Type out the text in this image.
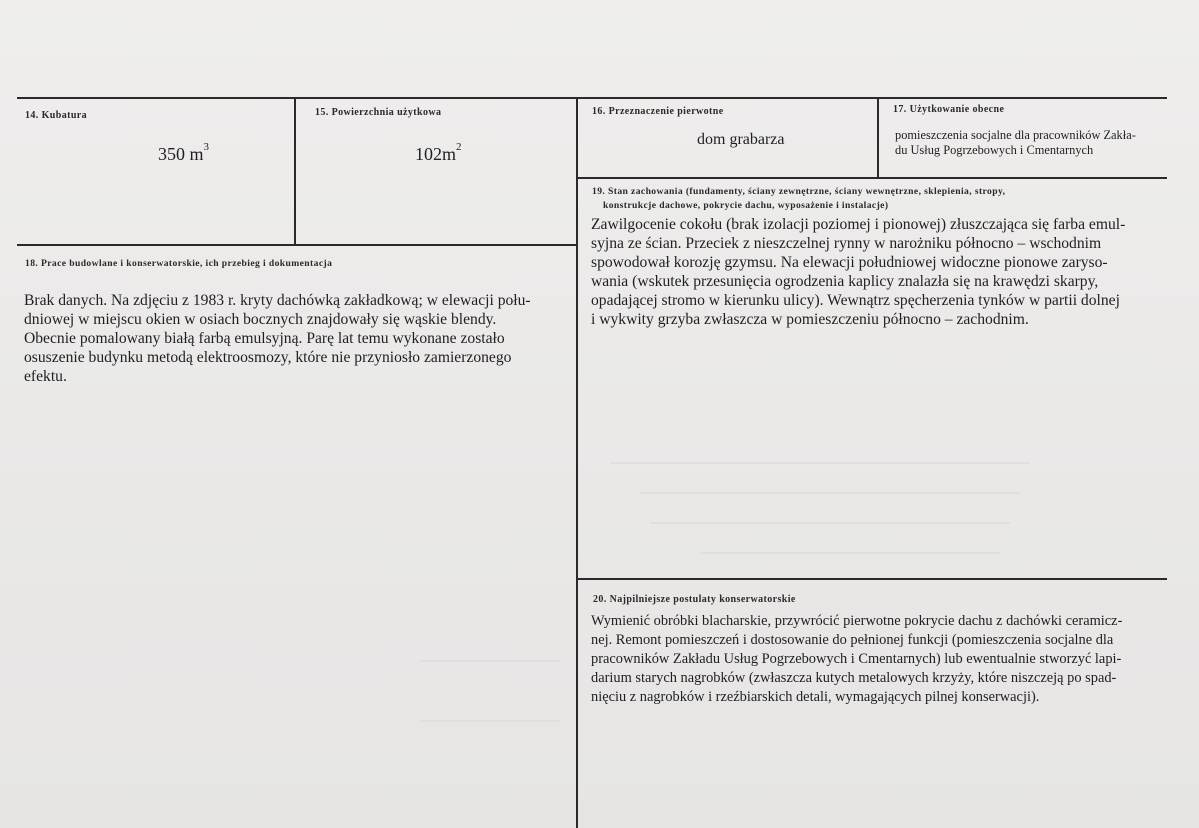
14. Kubatura
350 $m^3$
15. Powierzchnia użytkowa
$102m^2$
16. Przeznaczenie pierwotne
dom grabarza
17. Użytkowanie obecne
pomieszczenia socjalne dla pracowników Zakła-
du Usług Pogrzebowych i Cmentarnych
19. Stan zachowania (fundamenty, ściany zewnętrzne, ściany wewnętrzne, sklepienia, stropy,
konstrukcje dachowe, pokrycie dachu, wyposażenie i instalacje)
Zawilgocenie cokołu (brak izolacji poziomej i pionowej) złuszczająca się farba emul-
syjna ze ścian. Przeciek z nieszczelnej rynny w narożniku północno – wschodnim
spowodował korozję gzymsu. Na elewacji południowej widoczne pionowe zaryso-
wania (wskutek przesunięcia ogrodzenia kaplicy znalazła się na krawędzi skarpy,
opadającej stromo w kierunku ulicy). Wewnątrz spęcherzenia tynków w partii dolnej
i wykwity grzyba zwłaszcza w pomieszczeniu północno – zachodnim.
18. Prace budowlane i konserwatorskie, ich przebieg i dokumentacja
Brak danych. Na zdjęciu z 1983 r. kryty dachówką zakładkową; w elewacji połu-
dniowej w miejscu okien w osiach bocznych znajdowały się wąskie blendy.
Obecnie pomalowany białą farbą emulsyjną. Parę lat temu wykonane zostało
osuszenie budynku metodą elektroosmozy, które nie przyniosło zamierzonego
efektu.
20. Najpilniejsze postulaty konserwatorskie
Wymienić obróbki blacharskie, przywrócić pierwotne pokrycie dachu z dachówki ceramicz-
nej. Remont pomieszczeń i dostosowanie do pełnionej funkcji (pomieszczenia socjalne dla
pracowników Zakładu Usług Pogrzebowych i Cmentarnych) lub ewentualnie stworzyć lapi-
darium starych nagrobków (zwłaszcza kutych metalowych krzyży, które niszczeją po spad-
nięciu z nagrobków i rzeźbiarskich detali, wymagających pilnej konserwacji).
